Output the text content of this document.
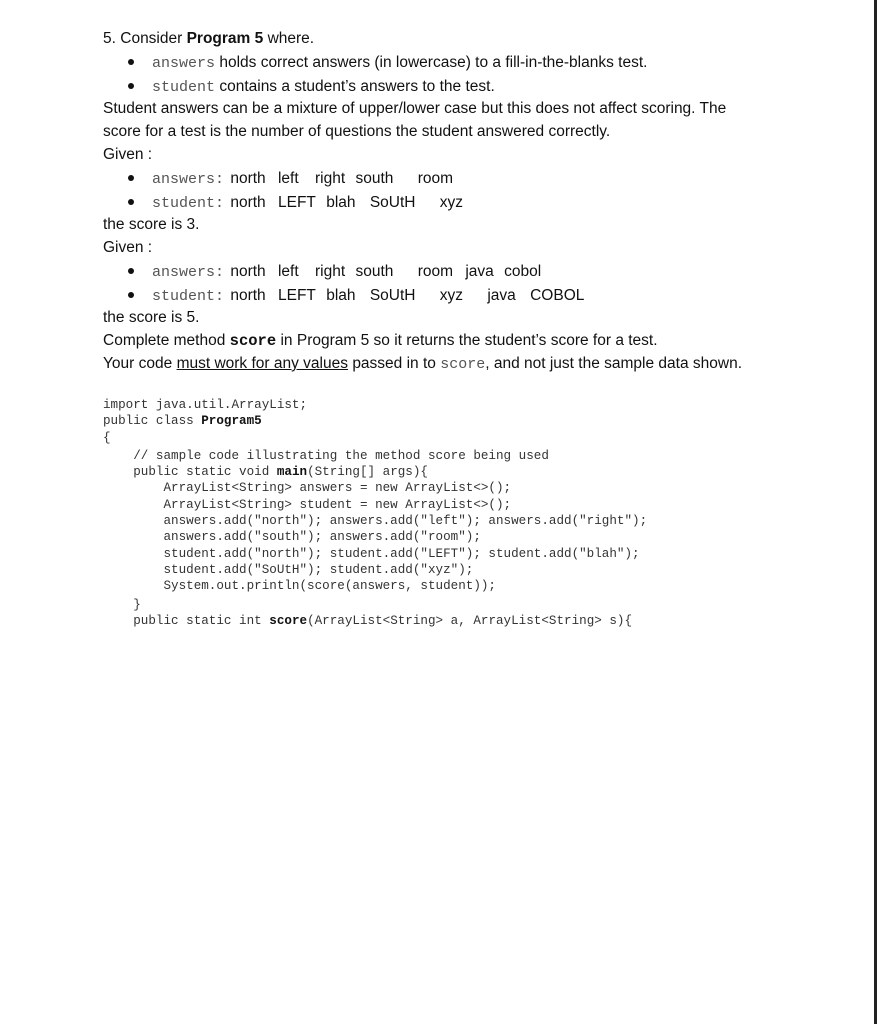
5. Consider Program 5 where.
answers holds correct answers (in lowercase) to a fill-in-the-blanks test.
student contains a student’s answers to the test.
Student answers can be a mixture of upper/lower case but this does not affect scoring. The
score for a test is the number of questions the student answered correctly.
Given :
answers: north left right south room
student: north LEFT blah SoUtH xyz
the score is 3.
Given :
answers: north left right south room java cobol
student: north LEFT blah SoUtH xyz java COBOL
the score is 5.
Complete method score in Program 5 so it returns the student’s score for a test.
Your code must work for any values passed in to score, and not just the sample data shown.
import java.util.ArrayList;
public class Program5
{
// sample code illustrating the method score being used
public static void main(String[] args){
ArrayList<String> answers = new ArrayList<>();
ArrayList<String> student = new ArrayList<>();
answers.add("north"); answers.add("left"); answers.add("right");
answers.add("south"); answers.add("room");
student.add("north"); student.add("LEFT"); student.add("blah");
student.add("SoUtH"); student.add("xyz");
System.out.println(score(answers, student));
}
public static int score(ArrayList<String> a, ArrayList<String> s){
